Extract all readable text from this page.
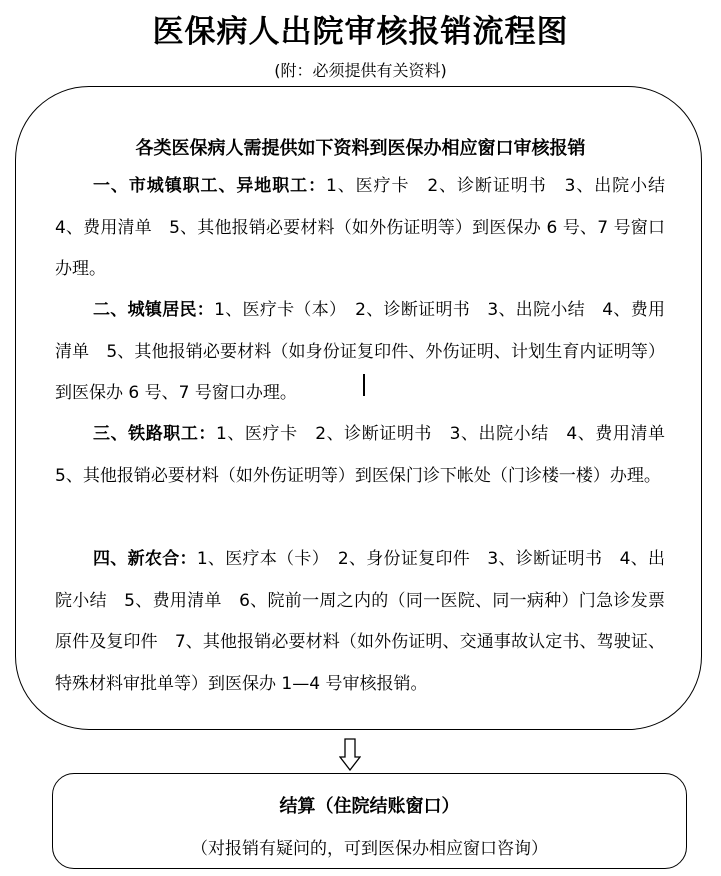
医保病人出院审核报销流程图
(附：必须提供有关资料)
各类医保病人需提供如下资料到医保办相应窗口审核报销

一、市城镇职工、异地职工：1、医疗卡　2、诊断证明书　3、出院小结　4、费用清单　5、其他报销必要材料（如外伤证明等）到医保办 6 号、7 号窗口办理。

二、城镇居民：1、医疗卡（本）　2、诊断证明书　3、出院小结　4、费用清单　5、其他报销必要材料（如身份证复印件、外伤证明、计划生育内证明等）到医保办 6 号、7 号窗口办理。

三、铁路职工：1、医疗卡　2、诊断证明书　3、出院小结　4、费用清单　5、其他报销必要材料（如外伤证明等）到医保门诊下帐处（门诊楼一楼）办理。

四、新农合：1、医疗本（卡）　2、身份证复印件　3、诊断证明书　4、出院小结　5、费用清单　6、院前一周之内的（同一医院、同一病种）门急诊发票原件及复印件　7、其他报销必要材料（如外伤证明、交通事故认定书、驾驶证、特殊材料审批单等）到医保办 1—4 号审核报销。

结算（住院结账窗口）
（对报销有疑问的，可到医保办相应窗口咨询）
